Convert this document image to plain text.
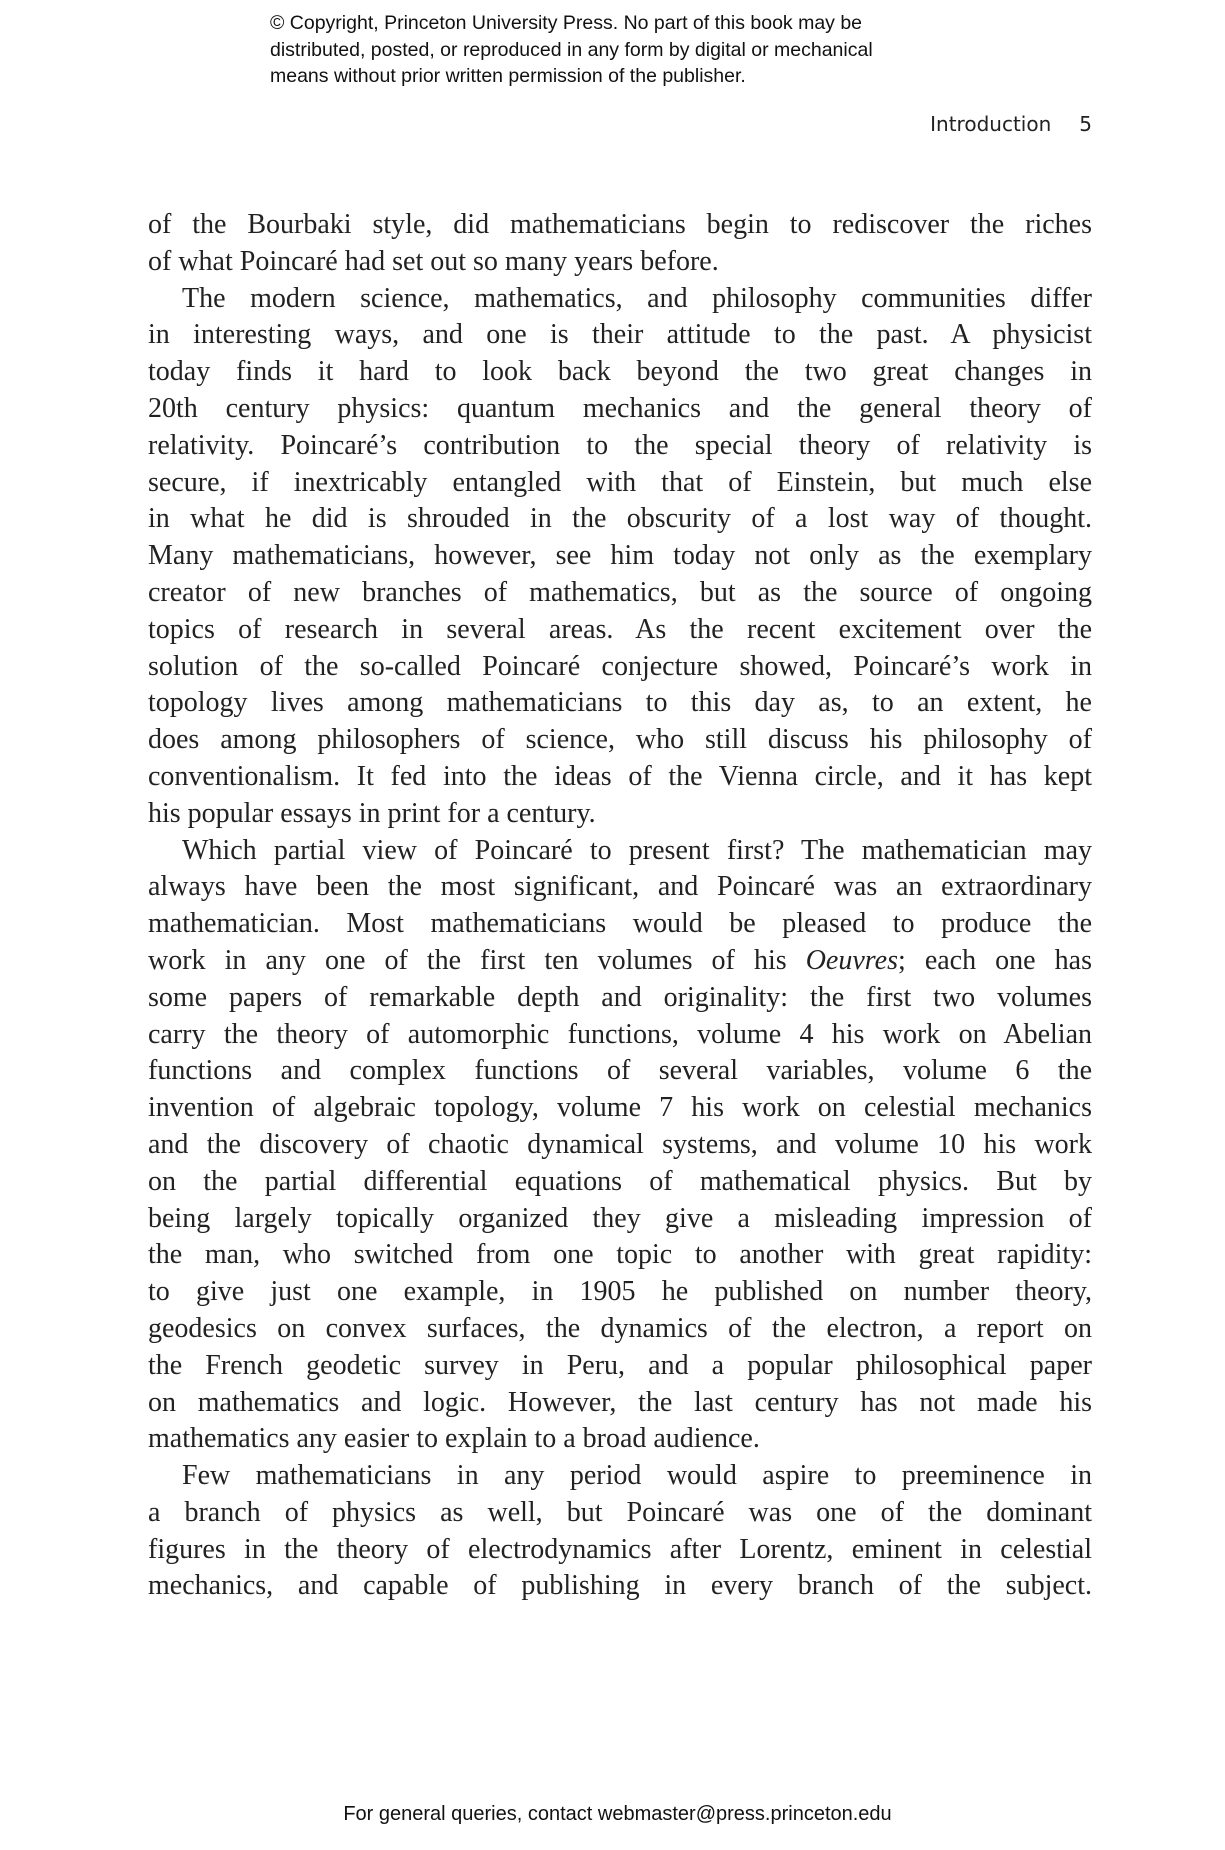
© Copyright, Princeton University Press. No part of this book may be
distributed, posted, or reproduced in any form by digital or mechanical
means without prior written permission of the publisher.
Introduction 5
of the Bourbaki style, did mathematicians begin to rediscover the riches
of what Poincaré had set out so many years before.
The modern science, mathematics, and philosophy communities differ
in interesting ways, and one is their attitude to the past. A physicist
today finds it hard to look back beyond the two great changes in
20th century physics: quantum mechanics and the general theory of
relativity. Poincaré’s contribution to the special theory of relativity is
secure, if inextricably entangled with that of Einstein, but much else
in what he did is shrouded in the obscurity of a lost way of thought.
Many mathematicians, however, see him today not only as the exemplary
creator of new branches of mathematics, but as the source of ongoing
topics of research in several areas. As the recent excitement over the
solution of the so-called Poincaré conjecture showed, Poincaré’s work in
topology lives among mathematicians to this day as, to an extent, he
does among philosophers of science, who still discuss his philosophy of
conventionalism. It fed into the ideas of the Vienna circle, and it has kept
his popular essays in print for a century.
Which partial view of Poincaré to present first? The mathematician may
always have been the most significant, and Poincaré was an extraordinary
mathematician. Most mathematicians would be pleased to produce the
work in any one of the first ten volumes of his Oeuvres; each one has
some papers of remarkable depth and originality: the first two volumes
carry the theory of automorphic functions, volume 4 his work on Abelian
functions and complex functions of several variables, volume 6 the
invention of algebraic topology, volume 7 his work on celestial mechanics
and the discovery of chaotic dynamical systems, and volume 10 his work
on the partial differential equations of mathematical physics. But by
being largely topically organized they give a misleading impression of
the man, who switched from one topic to another with great rapidity:
to give just one example, in 1905 he published on number theory,
geodesics on convex surfaces, the dynamics of the electron, a report on
the French geodetic survey in Peru, and a popular philosophical paper
on mathematics and logic. However, the last century has not made his
mathematics any easier to explain to a broad audience.
Few mathematicians in any period would aspire to preeminence in
a branch of physics as well, but Poincaré was one of the dominant
figures in the theory of electrodynamics after Lorentz, eminent in celestial
mechanics, and capable of publishing in every branch of the subject.
For general queries, contact webmaster@press.princeton.edu
